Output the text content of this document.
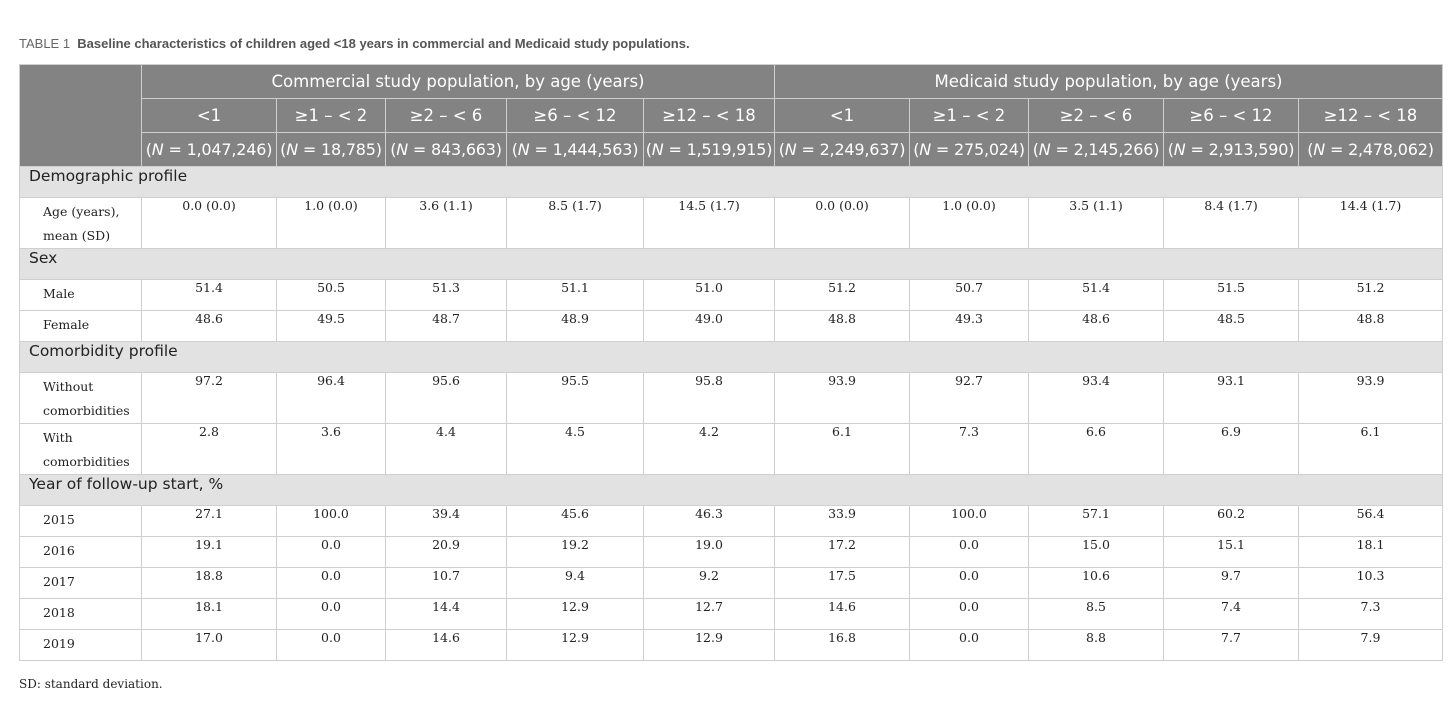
TABLE 1 Baseline characteristics of children aged <18 years in commercial and Medicaid study populations.
	Commercial study population, by age (years)					Medicaid study population, by age (years)				
	<1	≥1 – < 2	≥2 – < 6	≥6 – < 12	≥12 – < 18	<1	≥1 – < 2	≥2 – < 6	≥6 – < 12	≥12 – < 18
	(N = 1,047,246)	(N = 18,785)	(N = 843,663)	(N = 1,444,563)	(N = 1,519,915)	(N = 2,249,637)	(N = 275,024)	(N = 2,145,266)	(N = 2,913,590)	(N = 2,478,062)
Demographic profile										
Age (years),
mean (SD)	0.0 (0.0)	1.0 (0.0)	3.6 (1.1)	8.5 (1.7)	14.5 (1.7)	0.0 (0.0)	1.0 (0.0)	3.5 (1.1)	8.4 (1.7)	14.4 (1.7)
Sex										
Male	51.4	50.5	51.3	51.1	51.0	51.2	50.7	51.4	51.5	51.2
Female	48.6	49.5	48.7	48.9	49.0	48.8	49.3	48.6	48.5	48.8
Comorbidity profile										
Without
comorbidities	97.2	96.4	95.6	95.5	95.8	93.9	92.7	93.4	93.1	93.9
With
comorbidities	2.8	3.6	4.4	4.5	4.2	6.1	7.3	6.6	6.9	6.1
Year of follow-up start, %										
2015	27.1	100.0	39.4	45.6	46.3	33.9	100.0	57.1	60.2	56.4
2016	19.1	0.0	20.9	19.2	19.0	17.2	0.0	15.0	15.1	18.1
2017	18.8	0.0	10.7	9.4	9.2	17.5	0.0	10.6	9.7	10.3
2018	18.1	0.0	14.4	12.9	12.7	14.6	0.0	8.5	7.4	7.3
2019	17.0	0.0	14.6	12.9	12.9	16.8	0.0	8.8	7.7	7.9
SD: standard deviation.
